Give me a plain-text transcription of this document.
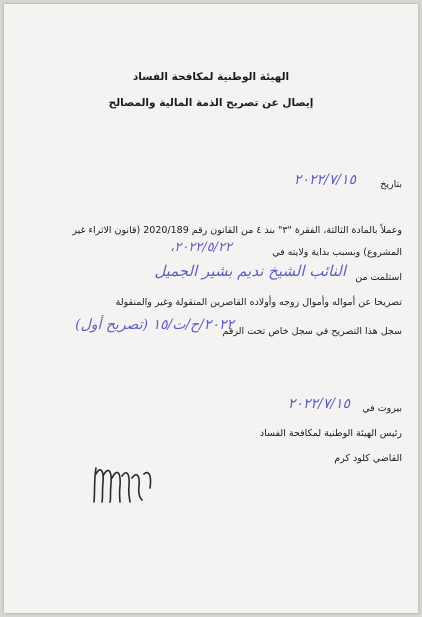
الهيئة الوطنية لمكافحة الفساد
إيصال عن تصريح الذمة المالية والمصالح
بتاريخ
٢٠٢٢/٧/١٥
وعملاً بالمادة الثالثة، الفقرة "٣" بند ٤ من القانون رقم 2020/189 (قانون الاثراء غير
المشروع) وبسبب بداية ولايته في
٢٠٢٢/٥/٢٢،
استلمت من
النائب الشيخ نديم بشير الجميل
تصريحا عن أمواله وأموال زوجه وأولاده القاصرين المنقولة وغير والمنقولة
سجل هذا التصريح في سجل خاص تحت الرقم
٢٠٢٢/ح/ت/١٥ (تصريح أول)
بيروت في
٢٠٢٢/٧/١٥
رئيس الهيئة الوطنية لمكافحة الفساد
القاضي كلود كرم
